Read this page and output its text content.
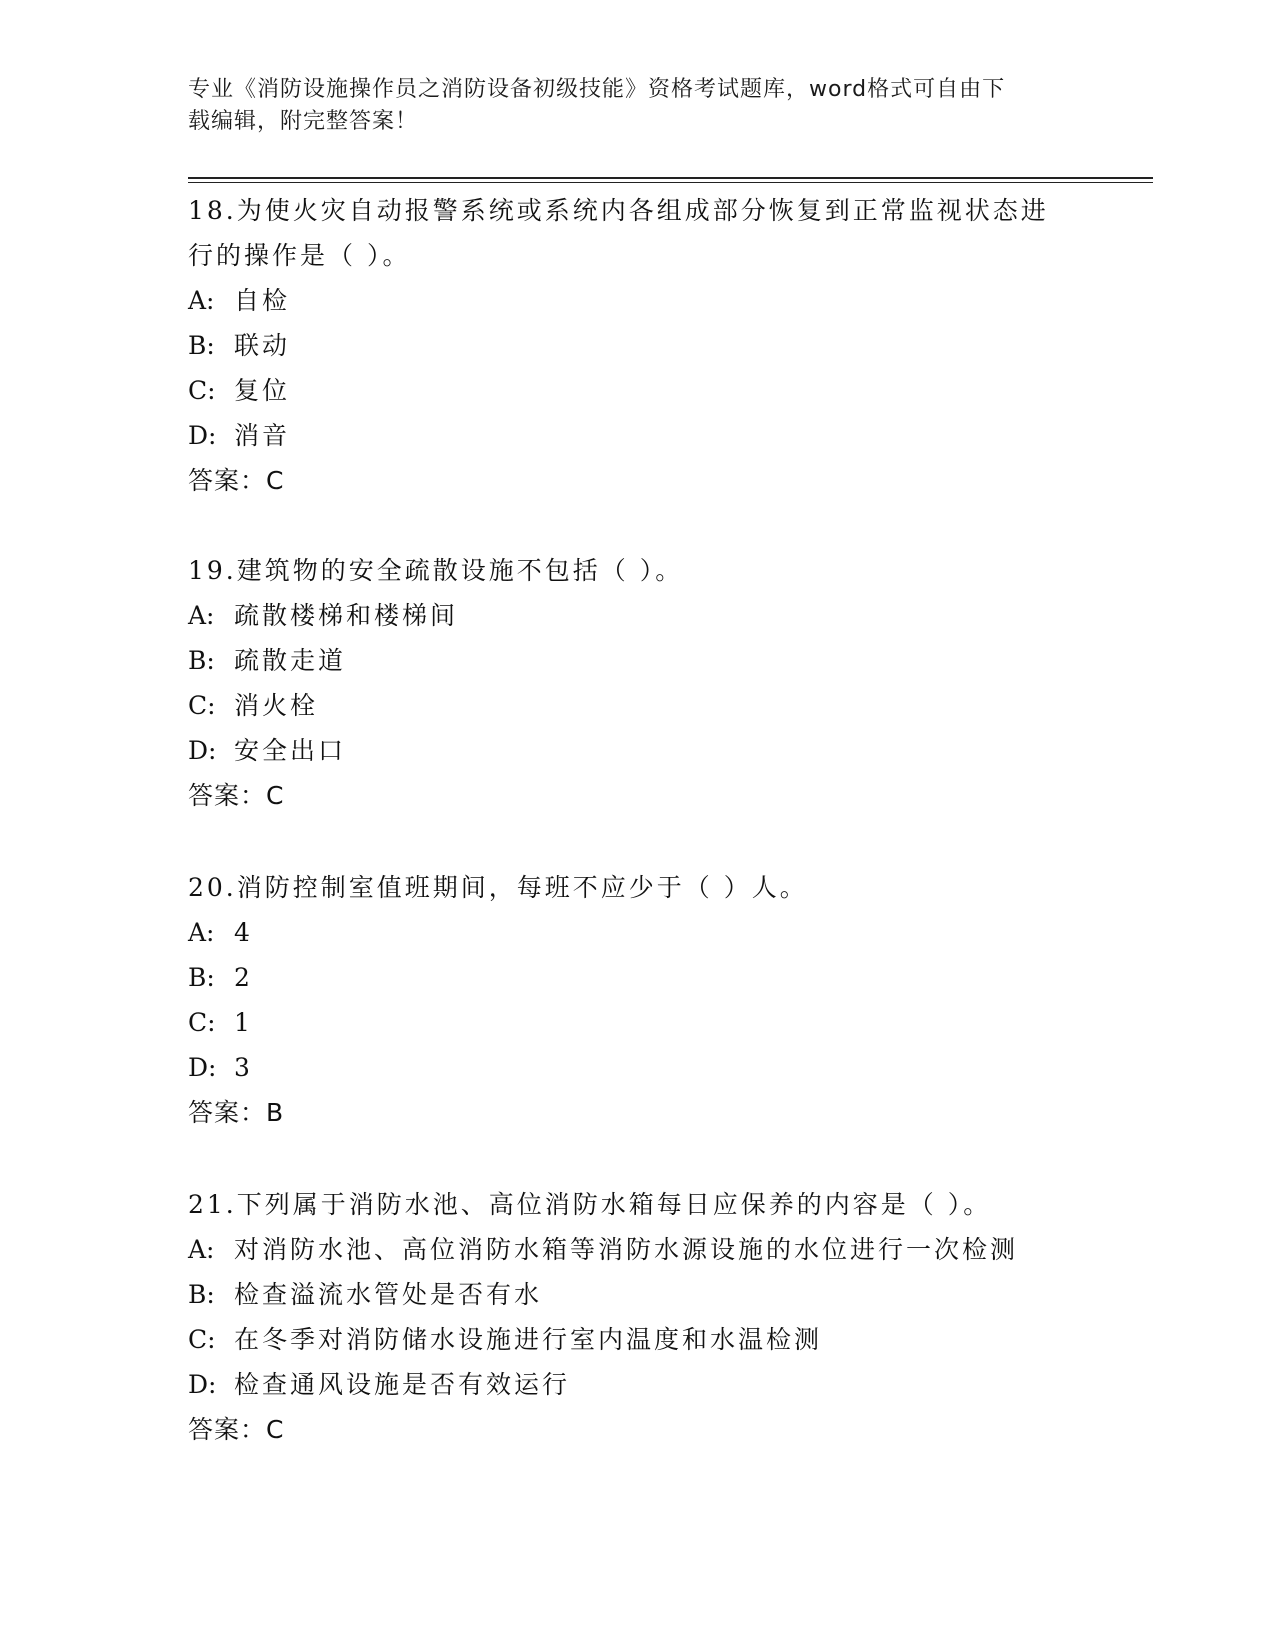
专业《消防设施操作员之消防设备初级技能》资格考试题库，word格式可自由下
载编辑，附完整答案！

18.为使火灾自动报警系统或系统内各组成部分恢复到正常监视状态进
行的操作是（ ）。

A: 自检

B: 联动

C: 复位

D: 消音

答案：C

19.建筑物的安全疏散设施不包括（ ）。

A: 疏散楼梯和楼梯间

B: 疏散走道

C: 消火栓

D: 安全出口

答案：C

20.消防控制室值班期间，每班不应少于（ ）人。

A: 4

B: 2

C: 1

D: 3

答案：B

21.下列属于消防水池、高位消防水箱每日应保养的内容是（ ）。

A: 对消防水池、高位消防水箱等消防水源设施的水位进行一次检测

B: 检查溢流水管处是否有水

C: 在冬季对消防储水设施进行室内温度和水温检测

D: 检查通风设施是否有效运行

答案：C
